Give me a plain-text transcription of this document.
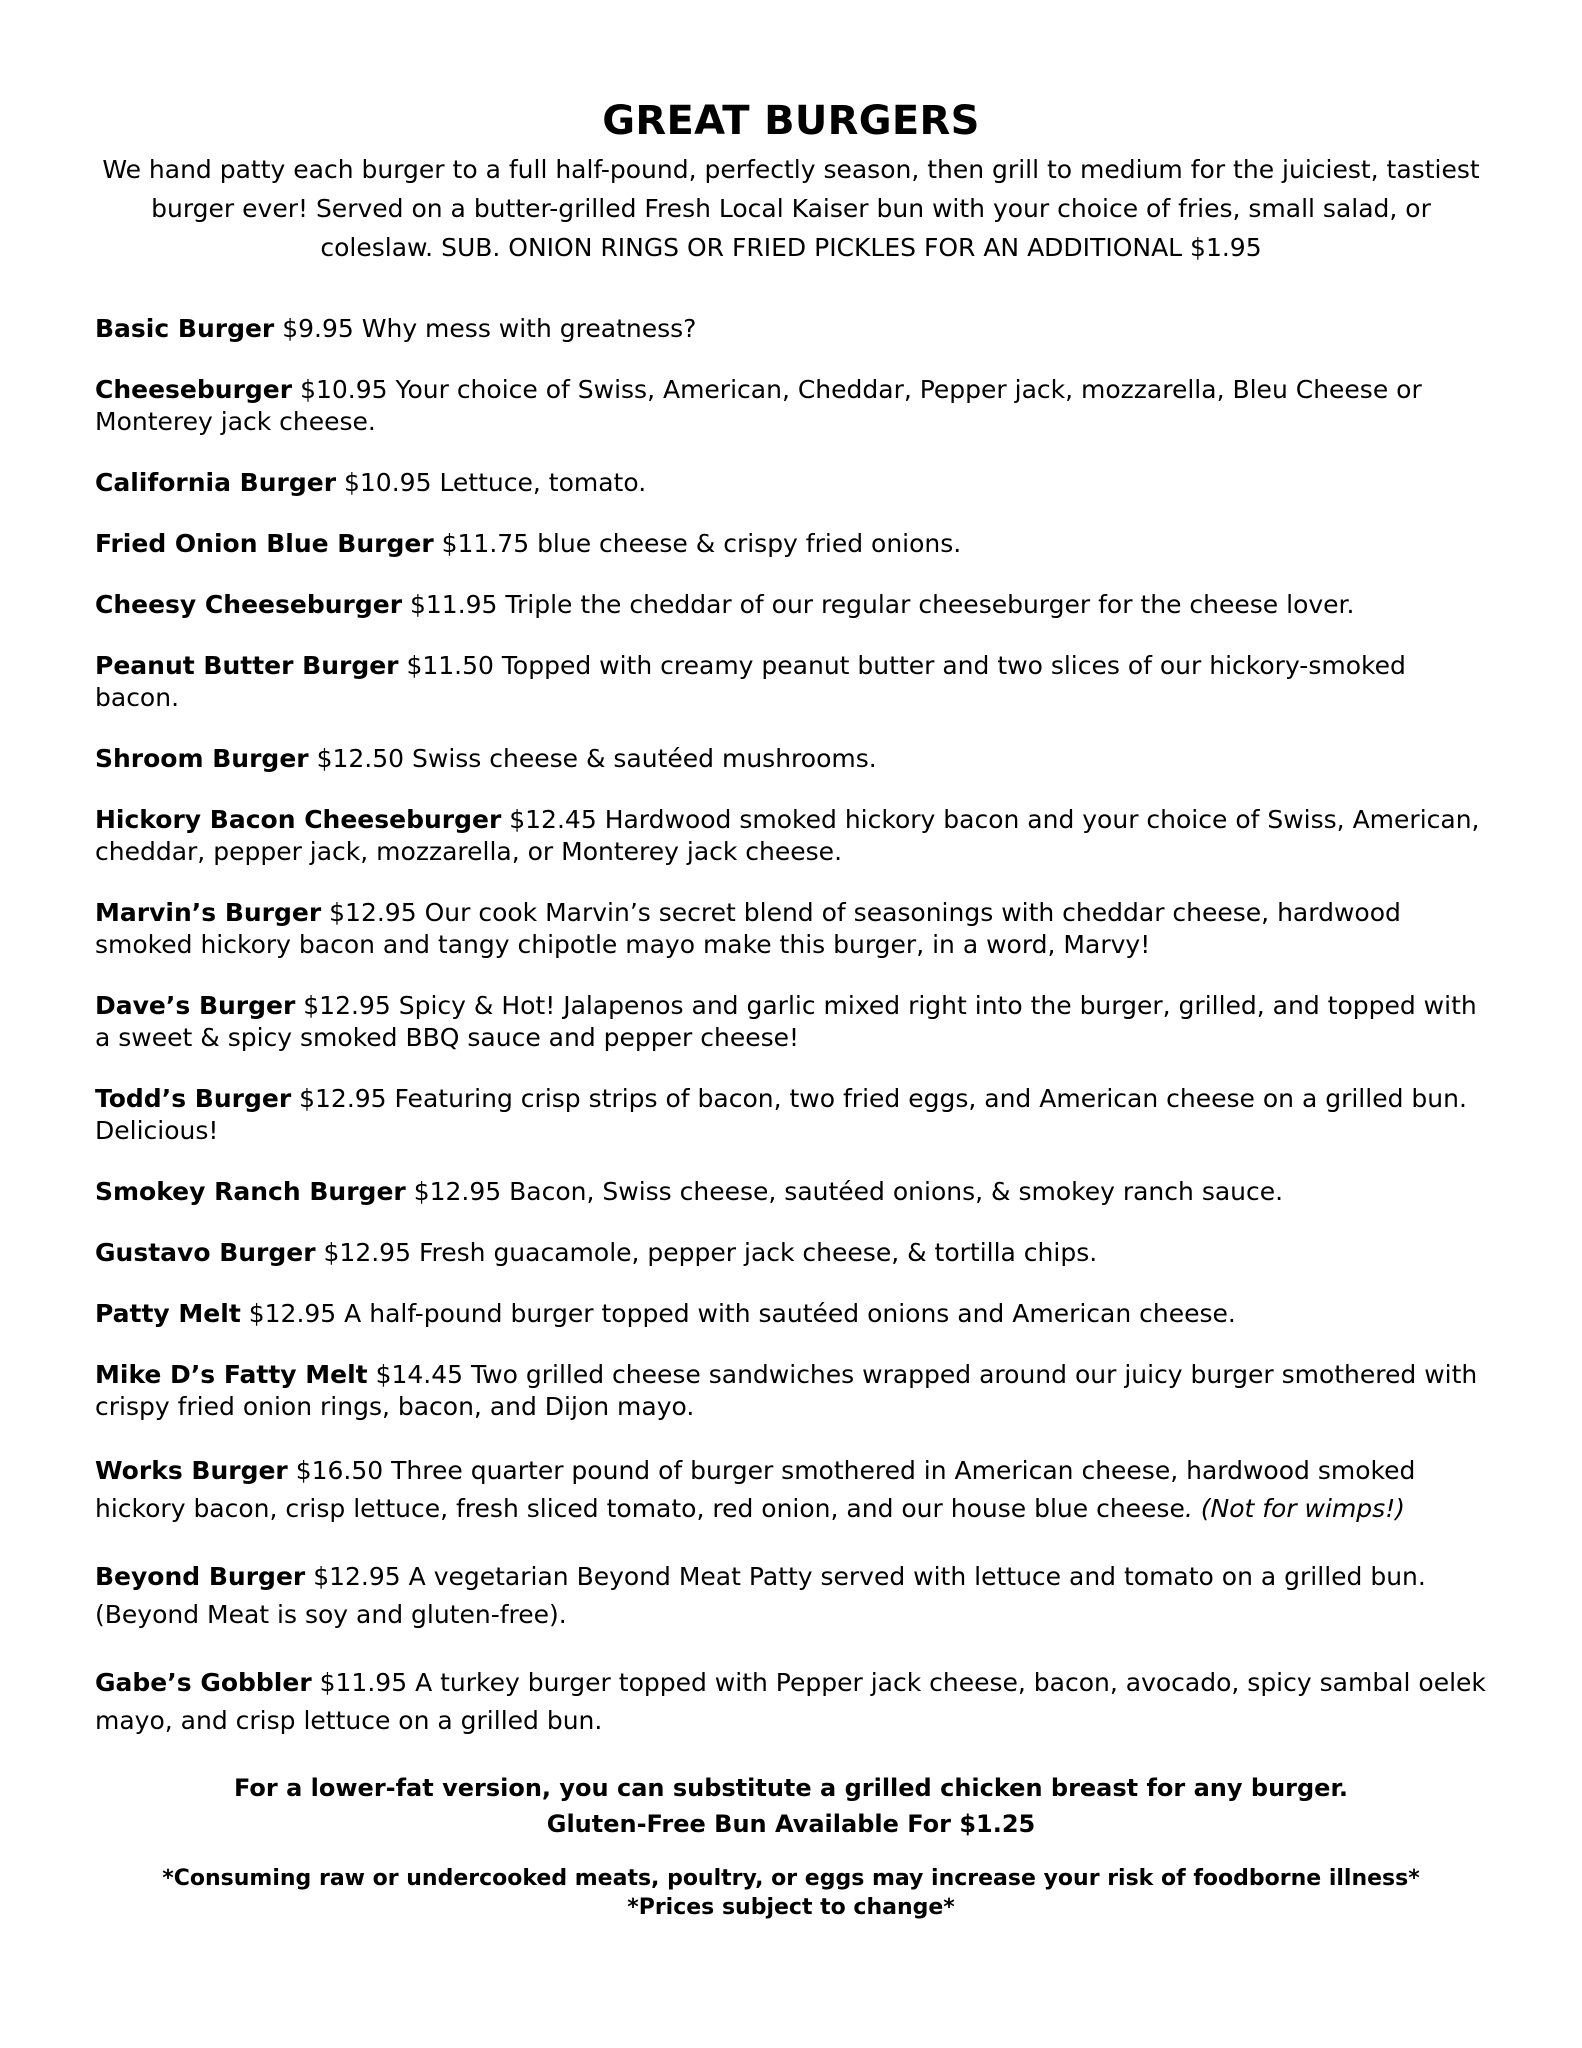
GREAT BURGERS
We hand patty each burger to a full half-pound, perfectly season, then grill to medium for the juiciest, tastiest burger ever! Served on a butter-grilled Fresh Local Kaiser bun with your choice of fries, small salad, or coleslaw. SUB. ONION RINGS OR FRIED PICKLES FOR AN ADDITIONAL $1.95

Basic Burger $9.95 Why mess with greatness?

Cheeseburger $10.95 Your choice of Swiss, American, Cheddar, Pepper jack, mozzarella, Bleu Cheese or Monterey jack cheese.

California Burger $10.95 Lettuce, tomato.

Fried Onion Blue Burger $11.75 blue cheese & crispy fried onions.

Cheesy Cheeseburger $11.95 Triple the cheddar of our regular cheeseburger for the cheese lover.

Peanut Butter Burger $11.50 Topped with creamy peanut butter and two slices of our hickory-smoked bacon.

Shroom Burger $12.50 Swiss cheese & sautéed mushrooms.

Hickory Bacon Cheeseburger $12.45 Hardwood smoked hickory bacon and your choice of Swiss, American, cheddar, pepper jack, mozzarella, or Monterey jack cheese.

Marvin’s Burger $12.95 Our cook Marvin’s secret blend of seasonings with cheddar cheese, hardwood smoked hickory bacon and tangy chipotle mayo make this burger, in a word, Marvy!

Dave’s Burger $12.95 Spicy & Hot! Jalapenos and garlic mixed right into the burger, grilled, and topped with a sweet & spicy smoked BBQ sauce and pepper cheese!

Todd’s Burger $12.95 Featuring crisp strips of bacon, two fried eggs, and American cheese on a grilled bun. Delicious!

Smokey Ranch Burger $12.95 Bacon, Swiss cheese, sautéed onions, & smokey ranch sauce.

Gustavo Burger $12.95 Fresh guacamole, pepper jack cheese, & tortilla chips.

Patty Melt $12.95 A half-pound burger topped with sautéed onions and American cheese.

Mike D’s Fatty Melt $14.45 Two grilled cheese sandwiches wrapped around our juicy burger smothered with crispy fried onion rings, bacon, and Dijon mayo.

Works Burger $16.50 Three quarter pound of burger smothered in American cheese, hardwood smoked hickory bacon, crisp lettuce, fresh sliced tomato, red onion, and our house blue cheese. (Not for wimps!)

Beyond Burger $12.95 A vegetarian Beyond Meat Patty served with lettuce and tomato on a grilled bun. (Beyond Meat is soy and gluten-free).

Gabe’s Gobbler $11.95 A turkey burger topped with Pepper jack cheese, bacon, avocado, spicy sambal oelek mayo, and crisp lettuce on a grilled bun.

For a lower-fat version, you can substitute a grilled chicken breast for any burger.
Gluten-Free Bun Available For $1.25
*Consuming raw or undercooked meats, poultry, or eggs may increase your risk of foodborne illness*
*Prices subject to change*
